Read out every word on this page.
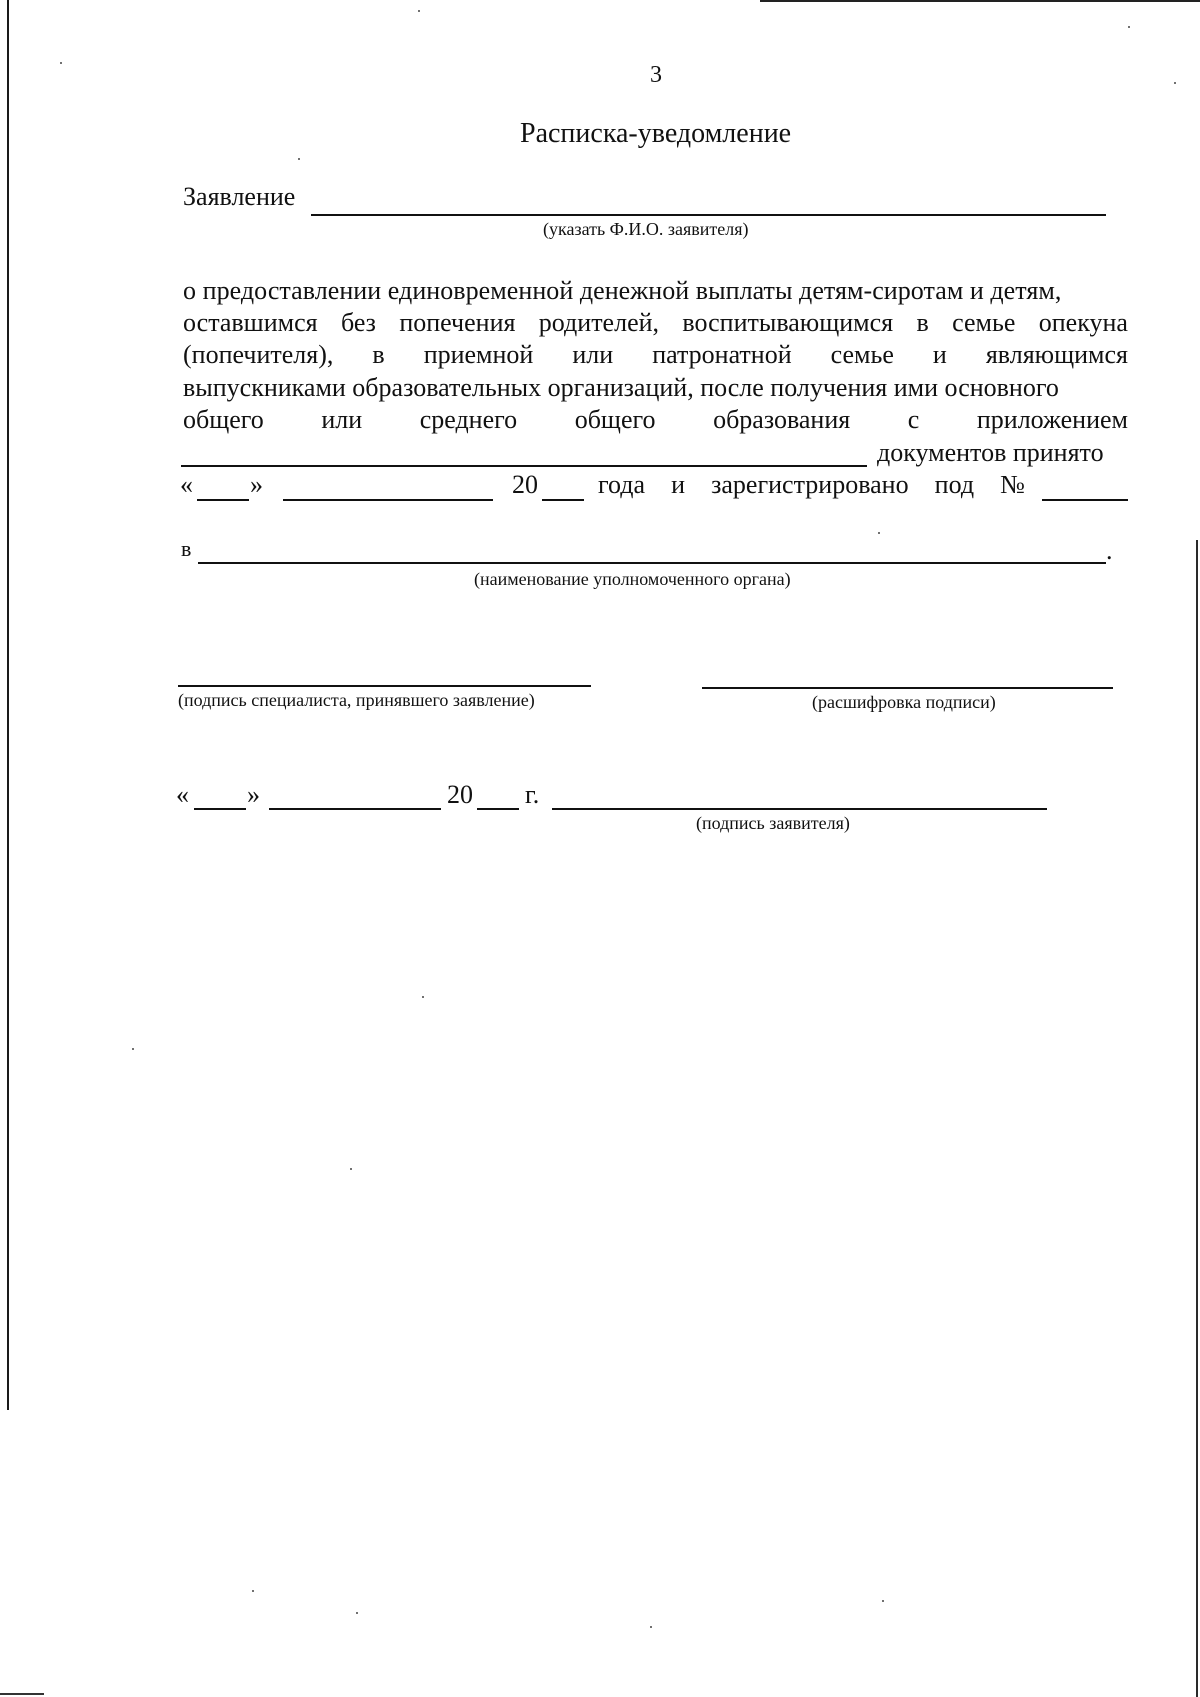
3
Расписка-уведомление
Заявление
(указать Ф.И.О. заявителя)
о предоставлении единовременной денежной выплаты детям-сиротам и детям,
оставшимся без попечения родителей, воспитывающимся в семье опекуна
(попечителя), в приемной или патронатной семье и являющимся
выпускниками образовательных организаций, после получения ими основного
общего или среднего общего образования с приложением
документов принято
« »	20 года и зарегистрировано под №
в	.
(наименование уполномоченного органа)
(подпись специалиста, принявшего заявление)	(расшифровка подписи)
« »	20 г.
(подпись заявителя)
